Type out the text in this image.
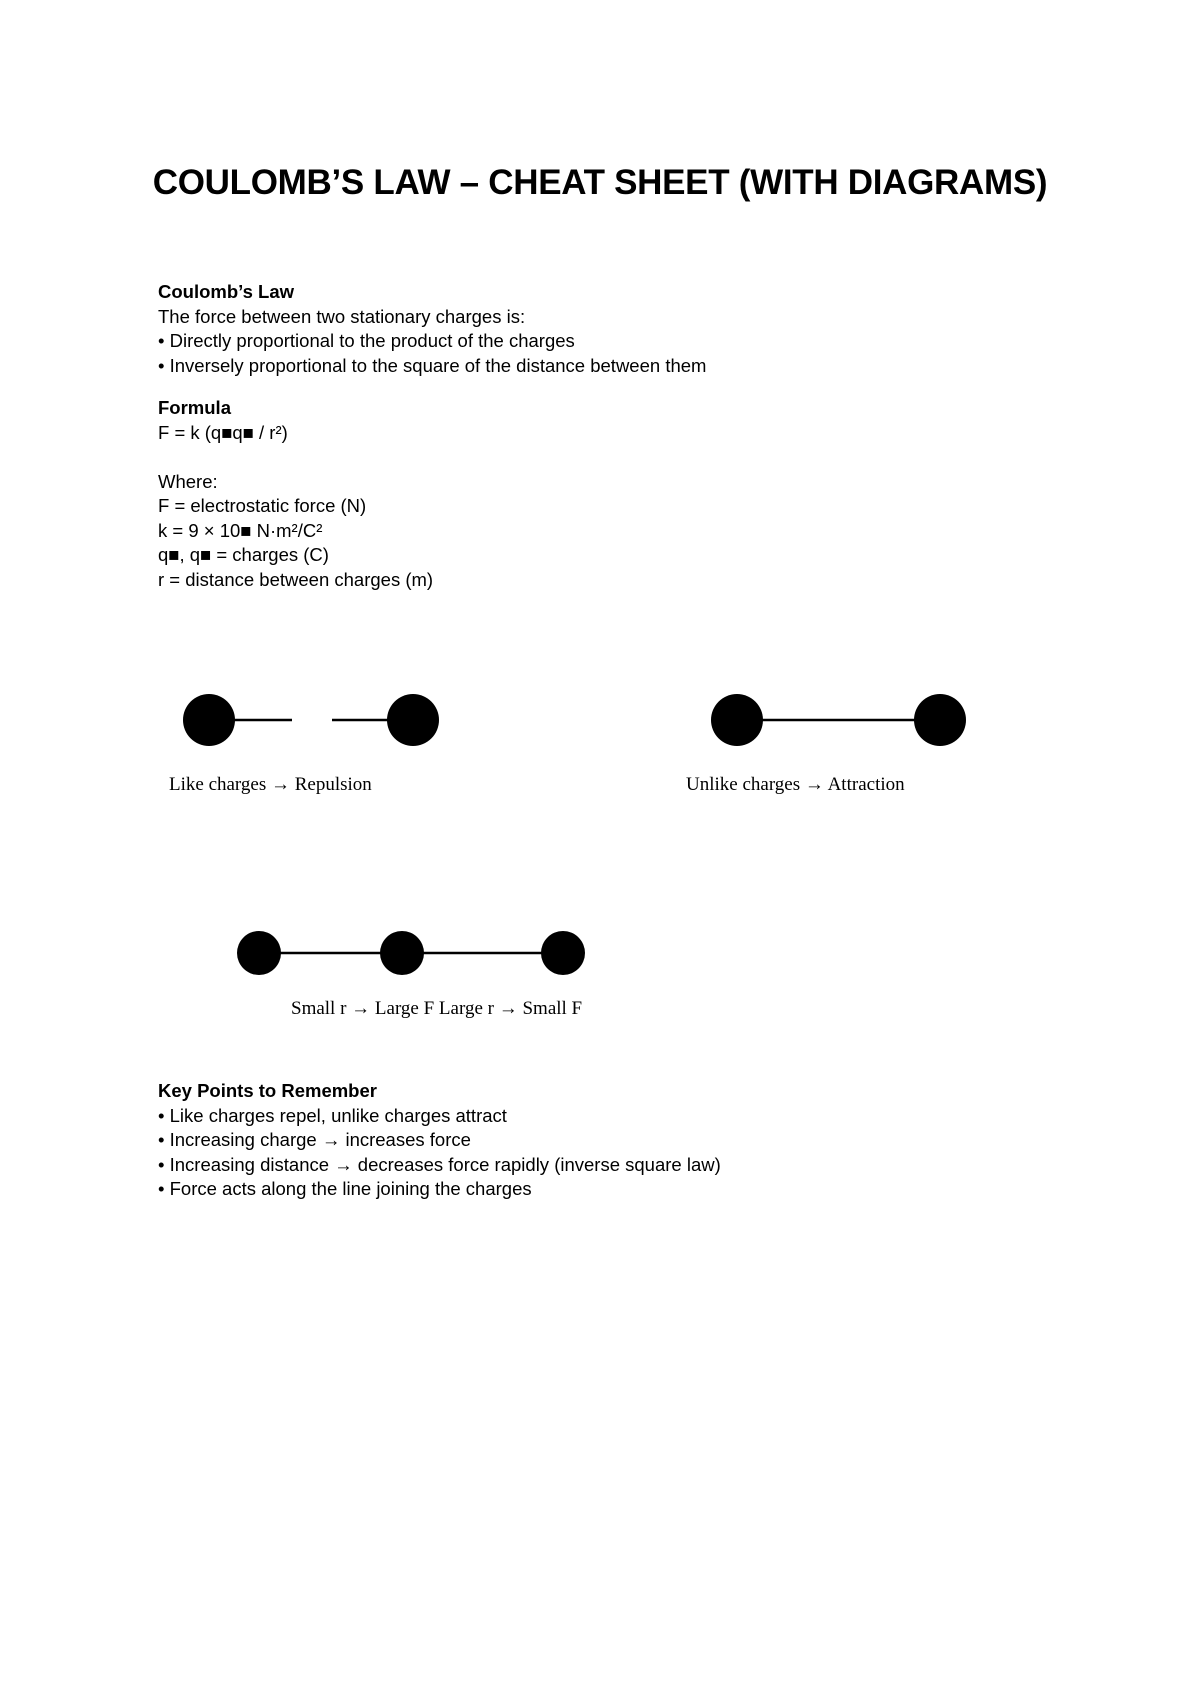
COULOMB’S LAW – CHEAT SHEET (WITH DIAGRAMS)
Coulomb’s Law
The force between two stationary charges is:
• Directly proportional to the product of the charges
• Inversely proportional to the square of the distance between them
Formula
F = k (q■q■ / r²)
Where:
F = electrostatic force (N)
k = 9 × 10■ N·m²/C²
q■, q■ = charges (C)
r = distance between charges (m)
Like charges → Repulsion	Unlike charges → Attraction
Small r → Large F Large r → Small F
Key Points to Remember
• Like charges repel, unlike charges attract
• Increasing charge → increases force
• Increasing distance → decreases force rapidly (inverse square law)
• Force acts along the line joining the charges
